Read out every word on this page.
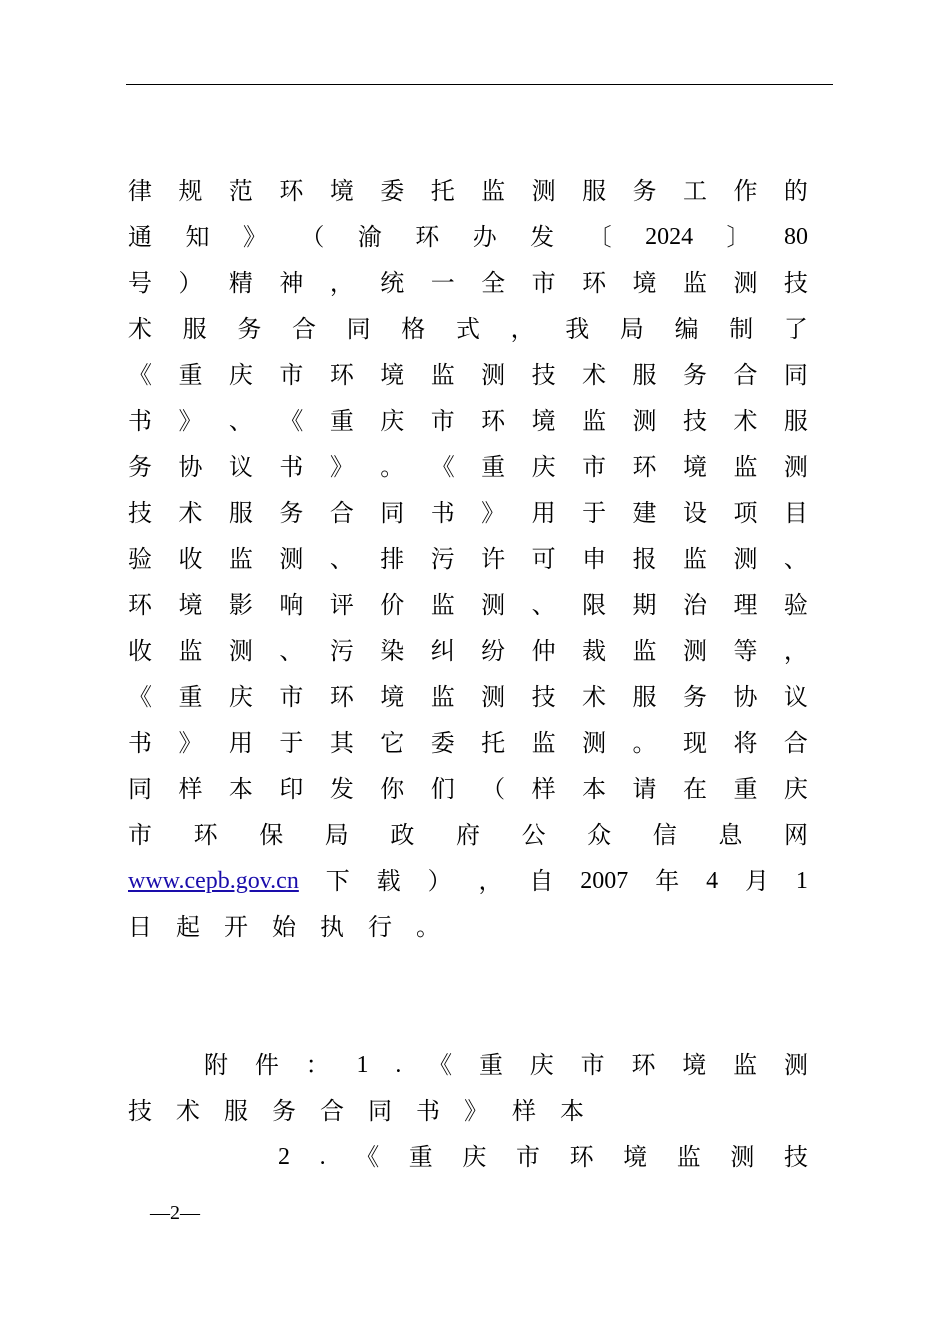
律 规 范 环 境 委 托 监 测 服 务 工 作 的
通 知 》 （ 渝 环 办 发 〔 2024 〕 80
号 ） 精 神 ， 统 一 全 市 环 境 监 测 技
术 服 务 合 同 格 式 ， 我 局 编 制 了
《 重 庆 市 环 境 监 测 技 术 服 务 合 同
书 》 、 《 重 庆 市 环 境 监 测 技 术 服
务 协 议 书 》 。 《 重 庆 市 环 境 监 测
技 术 服 务 合 同 书 》 用 于 建 设 项 目
验 收 监 测 、 排 污 许 可 申 报 监 测 、
环 境 影 响 评 价 监 测 、 限 期 治 理 验
收 监 测 、 污 染 纠 纷 仲 裁 监 测 等 ，
《 重 庆 市 环 境 监 测 技 术 服 务 协 议
书 》 用 于 其 它 委 托 监 测 。 现 将 合
同 样 本 印 发 你 们 （ 样 本 请 在 重 庆
市 环 保 局 政 府 公 众 信 息 网
www.cepb.gov.cn 下 载 ） ， 自 2007 年 4 月 1
日 起 开 始 执 行 。
附 件 ： 1 . 《 重 庆 市 环 境 监 测
技 术 服 务 合 同 书 》 样 本
2 . 《 重 庆 市 环 境 监 测 技
—2—
